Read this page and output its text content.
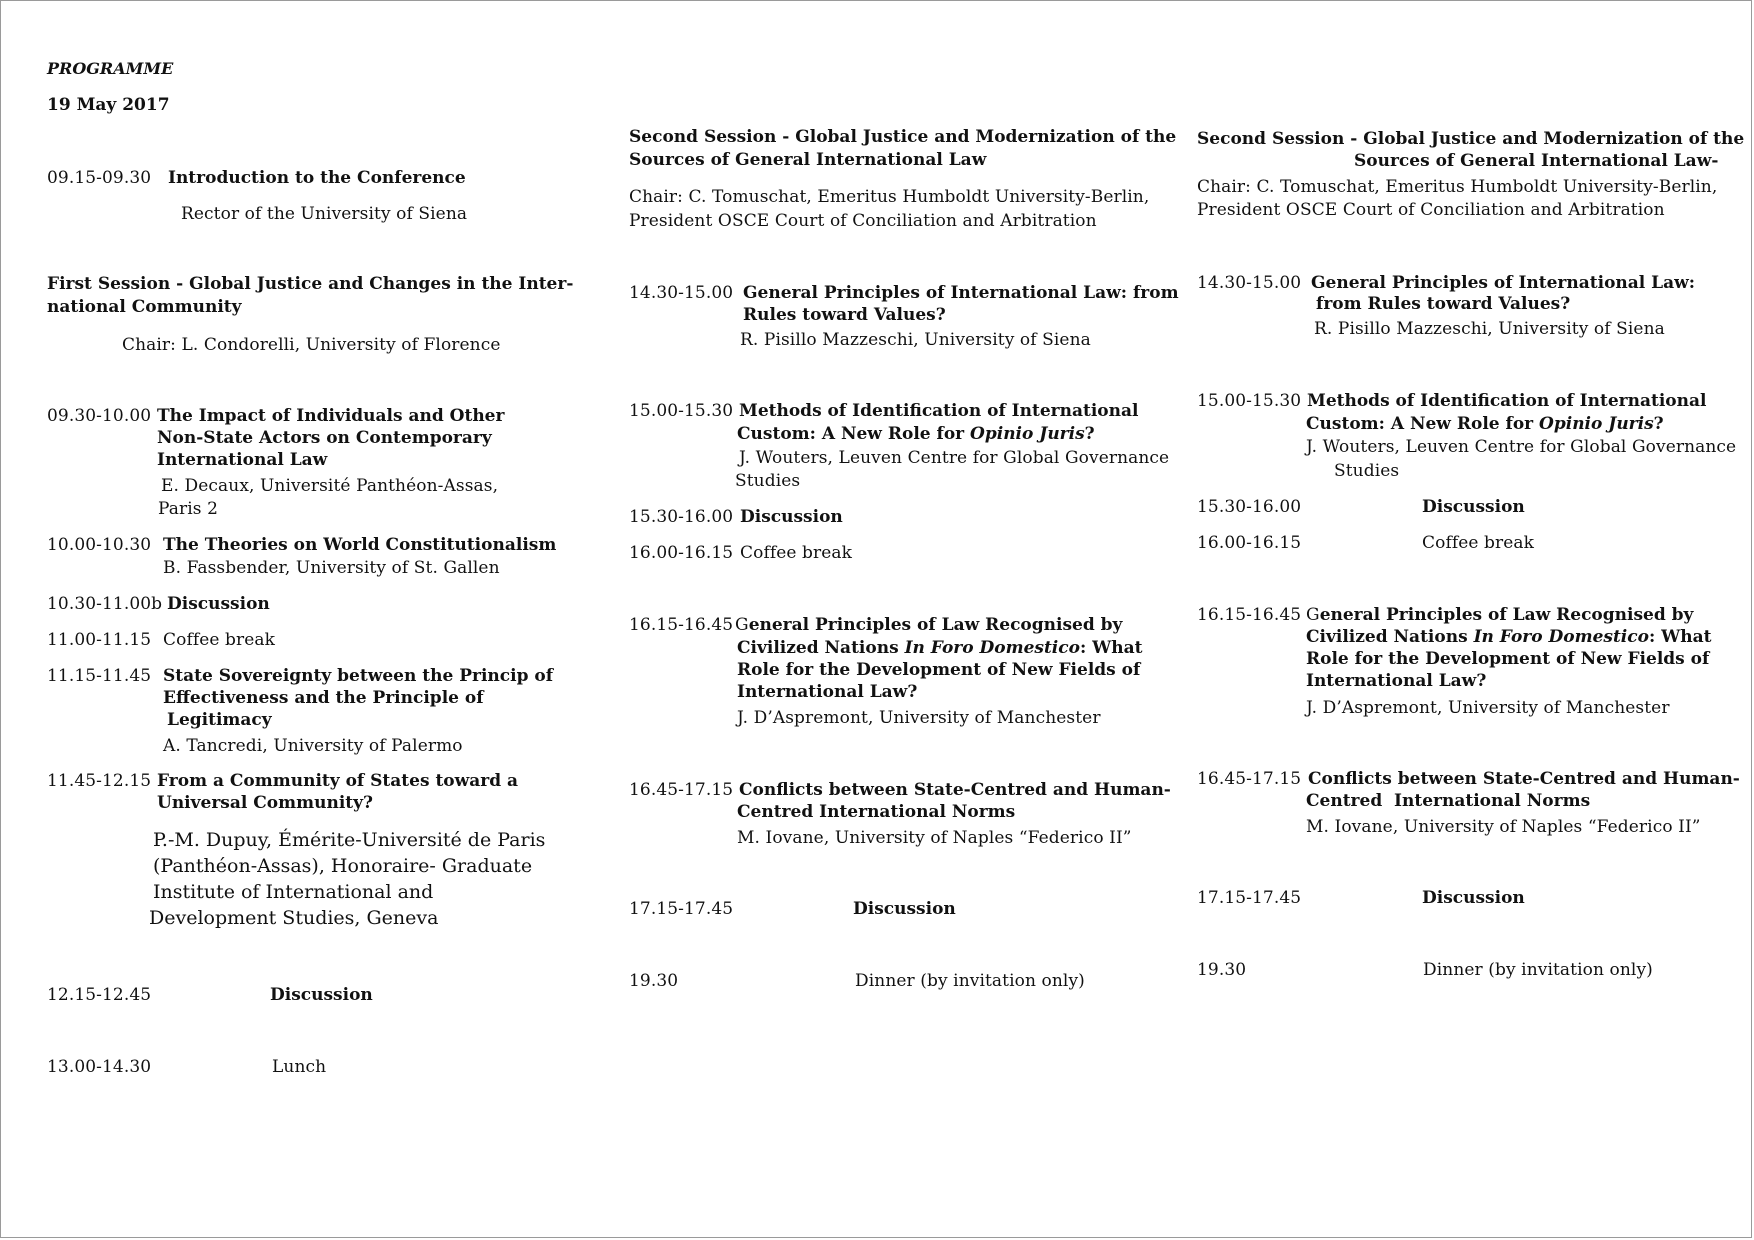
PROGRAMME
19 May 2017
09.15-09.30 Introduction to the Conference
Rector of the University of Siena
First Session - Global Justice and Changes in the Inter-
national Community
Chair: L. Condorelli, University of Florence
09.30-10.00 The Impact of Individuals and Other
Non-State Actors on Contemporary
International Law
E. Decaux, Université Panthéon-Assas,
Paris 2
10.00-10.30 The Theories on World Constitutionalism
B. Fassbender, University of St. Gallen
10.30-11.00b Discussion
11.00-11.15 Coffee break
11.15-11.45 State Sovereignty between the Princip of
Effectiveness and the Principle of
Legitimacy
A. Tancredi, University of Palermo
11.45-12.15 From a Community of States toward a
Universal Community?
P.-M. Dupuy, Émérite-Université de Paris
(Panthéon-Assas), Honoraire- Graduate
Institute of International and
Development Studies, Geneva
12.15-12.45	Discussion
13.00-14.30	Lunch
Second Session - Global Justice and Modernization of the
Sources of General International Law
Chair: C. Tomuschat, Emeritus Humboldt University-Berlin,
President OSCE Court of Conciliation and Arbitration
14.30-15.00 General Principles of International Law: from
Rules toward Values?
R. Pisillo Mazzeschi, University of Siena
15.00-15.30 Methods of Identification of International
Custom: A New Role for Opinio Juris?
J. Wouters, Leuven Centre for Global Governance
Studies
15.30-16.00 Discussion
16.00-16.15 Coffee break
16.15-16.45 General Principles of Law Recognised by
Civilized Nations In Foro Domestico: What
Role for the Development of New Fields of
International Law?
J. D’Aspremont, University of Manchester
16.45-17.15 Conflicts between State-Centred and Human-
Centred International Norms
M. Iovane, University of Naples “Federico II”
17.15-17.45	Discussion
19.30	Dinner (by invitation only)
Second Session - Global Justice and Modernization of the
Sources of General International Law-
Chair: C. Tomuschat, Emeritus Humboldt University-Berlin,
President OSCE Court of Conciliation and Arbitration
14.30-15.00 General Principles of International Law:
from Rules toward Values?
R. Pisillo Mazzeschi, University of Siena
15.00-15.30 Methods of Identification of International
Custom: A New Role for Opinio Juris?
J. Wouters, Leuven Centre for Global Governance
Studies
15.30-16.00	Discussion
16.00-16.15	Coffee break
16.15-16.45 General Principles of Law Recognised by
Civilized Nations In Foro Domestico: What
Role for the Development of New Fields of
International Law?
J. D’Aspremont, University of Manchester
16.45-17.15 Conflicts between State-Centred and Human-
Centred  International Norms
M. Iovane, University of Naples “Federico II”
17.15-17.45	Discussion
19.30	Dinner (by invitation only)
